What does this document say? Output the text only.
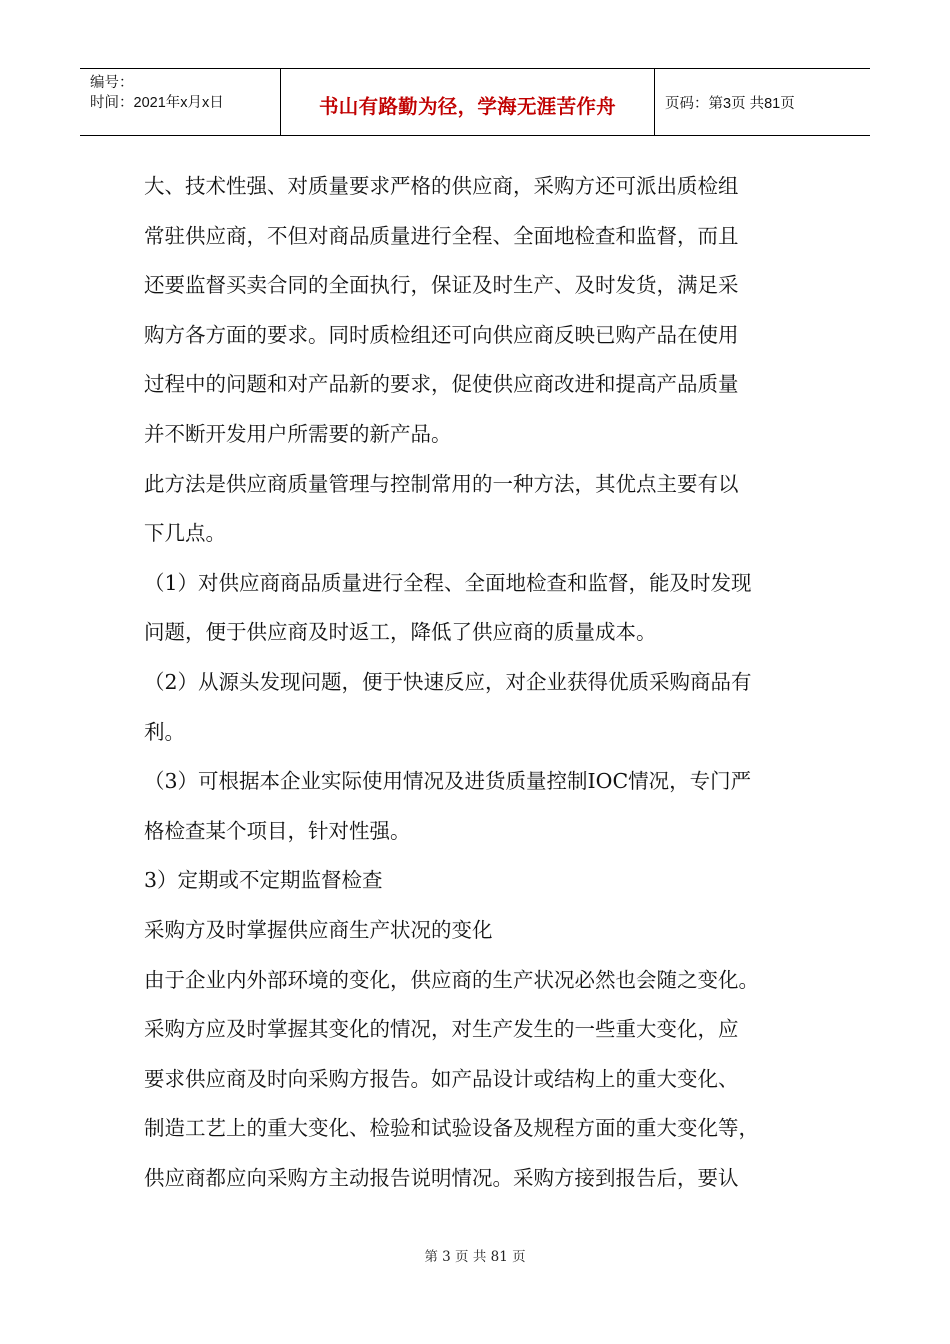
编号：
时间：2021年x月x日	书山有路勤为径，学海无涯苦作舟	页码：第3页 共81页
大、技术性强、对质量要求严格的供应商，采购方还可派出质检组
常驻供应商，不但对商品质量进行全程、全面地检查和监督，而且
还要监督买卖合同的全面执行，保证及时生产、及时发货，满足采
购方各方面的要求。同时质检组还可向供应商反映已购产品在使用
过程中的问题和对产品新的要求，促使供应商改进和提高产品质量
并不断开发用户所需要的新产品。
此方法是供应商质量管理与控制常用的一种方法，其优点主要有以
下几点。
（1）对供应商商品质量进行全程、全面地检查和监督，能及时发现
问题，便于供应商及时返工，降低了供应商的质量成本。
（2）从源头发现问题，便于快速反应，对企业获得优质采购商品有
利。
（3）可根据本企业实际使用情况及进货质量控制IOC情况，专门严
格检查某个项目，针对性强。
3）定期或不定期监督检查
采购方及时掌握供应商生产状况的变化
由于企业内外部环境的变化，供应商的生产状况必然也会随之变化。
采购方应及时掌握其变化的情况，对生产发生的一些重大变化，应
要求供应商及时向采购方报告。如产品设计或结构上的重大变化、
制造工艺上的重大变化、检验和试验设备及规程方面的重大变化等，
供应商都应向采购方主动报告说明情况。采购方接到报告后，要认
第 3 页 共 81 页
